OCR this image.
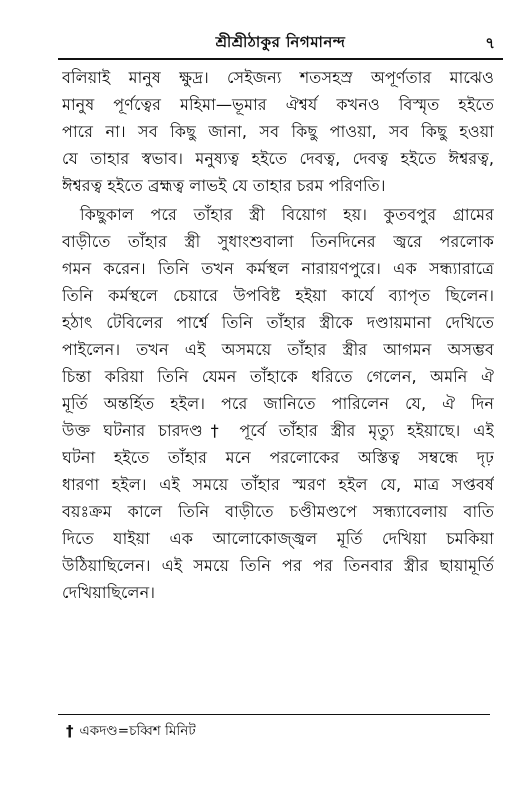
শ্রীশ্রীঠাকুর নিগমানন্দ	৭
বলিয়াই মানুষ ক্ষুদ্র। সেইজন্য শতসহস্র অপূর্ণতার মাঝেও
মানুষ পূর্ণত্বের মহিমা—ভূমার ঐশ্বর্য কখনও বিস্মৃত হইতে
পারে না। সব কিছু জানা, সব কিছু পাওয়া, সব কিছু হওয়া
যে তাহার স্বভাব। মনুষ্যত্ব হইতে দেবত্ব, দেবত্ব হইতে ঈশ্বরত্ব,
ঈশ্বরত্ব হইতে ব্রহ্মত্ব লাভই যে তাহার চরম পরিণতি।
কিছুকাল পরে তাঁহার স্ত্রী বিয়োগ হয়। কুতবপুর গ্রামের
বাড়ীতে তাঁহার স্ত্রী সুধাংশুবালা তিনদিনের জ্বরে পরলোক
গমন করেন। তিনি তখন কর্মস্থল নারায়ণপুরে। এক সন্ধ্যারাত্রে
তিনি কর্মস্থলে চেয়ারে উপবিষ্ট হইয়া কার্যে ব্যাপৃত ছিলেন।
হঠাৎ টেবিলের পার্শ্বে তিনি তাঁহার স্ত্রীকে দণ্ডায়মানা দেখিতে
পাইলেন। তখন এই অসময়ে তাঁহার স্ত্রীর আগমন অসম্ভব
চিন্তা করিয়া তিনি যেমন তাঁহাকে ধরিতে গেলেন, অমনি ঐ
মূর্তি অন্তর্হিত হইল। পরে জানিতে পারিলেন যে, ঐ দিন
উক্ত ঘটনার চারদণ্ড† পূর্বে তাঁহার স্ত্রীর মৃত্যু হইয়াছে। এই
ঘটনা হইতে তাঁহার মনে পরলোকের অস্তিত্ব সম্বন্ধে দৃঢ়
ধারণা হইল। এই সময়ে তাঁহার স্মরণ হইল যে, মাত্র সপ্তবর্ষ
বয়ঃক্রম কালে তিনি বাড়ীতে চণ্ডীমণ্ডপে সন্ধ্যাবেলায় বাতি
দিতে যাইয়া এক আলোকোজ্জ্বল মূর্তি দেখিয়া চমকিয়া
উঠিয়াছিলেন। এই সময়ে তিনি পর পর তিনবার স্ত্রীর ছায়ামূর্তি
দেখিয়াছিলেন।
† একদণ্ড=চব্বিশ মিনিট
